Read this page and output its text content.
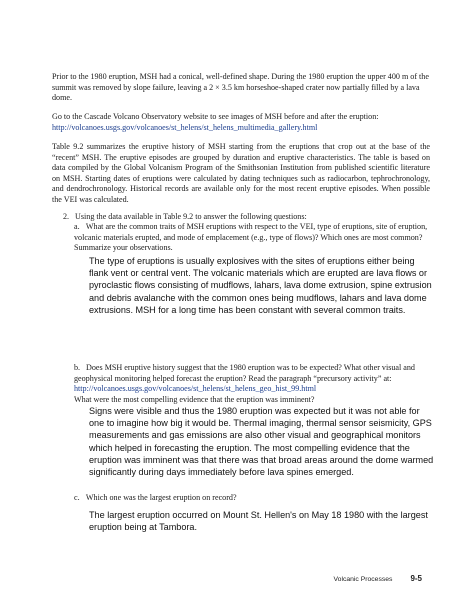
Prior to the 1980 eruption, MSH had a conical, well-defined shape. During the 1980 eruption the upper 400 m of the summit was removed by slope failure, leaving a 2 × 3.5 km horseshoe-shaped crater now partially filled by a lava dome.

Go to the Cascade Volcano Observatory website to see images of MSH before and after the eruption: http://volcanoes.usgs.gov/volcanoes/st_helens/st_helens_multimedia_gallery.html

Table 9.2 summarizes the eruptive history of MSH starting from the eruptions that crop out at the base of the “recent” MSH. The eruptive episodes are grouped by duration and eruptive characteristics. The table is based on data compiled by the Global Volcanism Program of the Smithsonian Institution from published scientific literature on MSH. Starting dates of eruptions were calculated by dating techniques such as radiocarbon, tephrochronology, and dendrochronology. Historical records are available only for the most recent eruptive episodes. When possible the VEI was calculated.

2. Using the data available in Table 9.2 to answer the following questions:

a. What are the common traits of MSH eruptions with respect to the VEI, type of eruptions, site of eruption, volcanic materials erupted, and mode of emplacement (e.g., type of flows)? Which ones are most common? Summarize your observations.

The type of eruptions is usually explosives with the sites of eruptions either being flank vent or central vent. The volcanic materials which are erupted are lava flows or pyroclastic flows consisting of mudflows, lahars, lava dome extrusion, spine extrusion and debris avalanche with the common ones being mudflows, lahars and lava dome extrusions. MSH for a long time has been constant with several common traits.

b. Does MSH eruptive history suggest that the 1980 eruption was to be expected? What other visual and geophysical monitoring helped forecast the eruption? Read the paragraph “precursory activity” at: http://volcanoes.usgs.gov/volcanoes/st_helens/st_helens_geo_hist_99.html
What were the most compelling evidence that the eruption was imminent?

Signs were visible and thus the 1980 eruption was expected but it was not able for one to imagine how big it would be. Thermal imaging, thermal sensor seismicity, GPS measurements and gas emissions are also other visual and geographical monitors which helped in forecasting the eruption. The most compelling evidence that the eruption was imminent was that there was that broad areas around the dome warmed significantly during days immediately before lava spines emerged.

c. Which one was the largest eruption on record?

The largest eruption occurred on Mount St. Hellen's on May 18 1980 with the largest eruption being at Tambora.

Volcanic Processes 9-5
